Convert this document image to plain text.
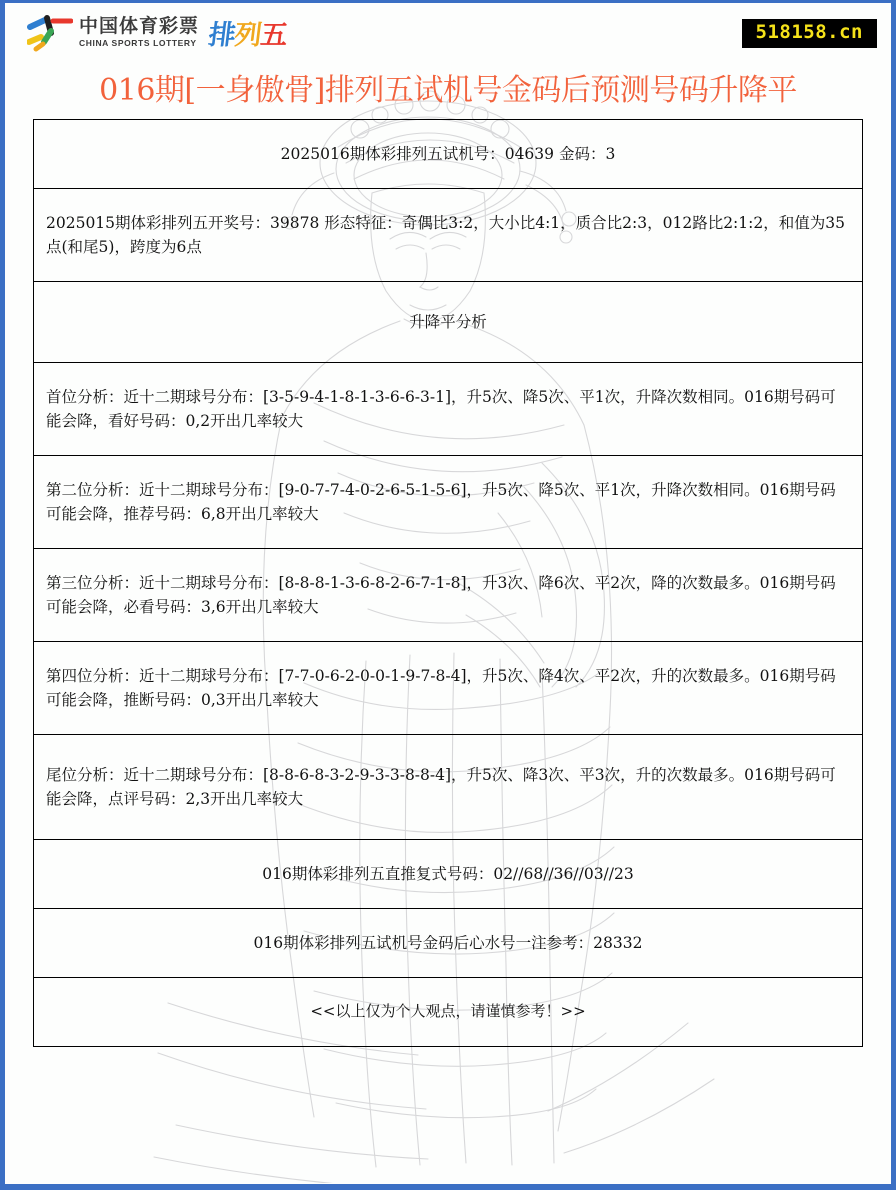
中国体育彩票
CHINA SPORTS LOTTERY 排
列
五	518158.cn
016期[一身傲骨]排列五试机号金码后预测号码升降平
2025016期体彩排列五试机号：04639 金码：3
2025015期体彩排列五开奖号：39878 形态特征：奇偶比3:2，大小比4:1，质合比2:3，012路比2:1:2，和值为35点(和尾5)，跨度为6点
升降平分析
首位分析：近十二期球号分布：[3-5-9-4-1-8-1-3-6-6-3-1]，升5次、降5次、平1次，升降次数相同。016期号码可能会降，看好号码：0,2开出几率较大
第二位分析：近十二期球号分布：[9-0-7-7-4-0-2-6-5-1-5-6]，升5次、降5次、平1次，升降次数相同。016期号码可能会降，推荐号码：6,8开出几率较大
第三位分析：近十二期球号分布：[8-8-8-1-3-6-8-2-6-7-1-8]，升3次、降6次、平2次，降的次数最多。016期号码可能会降，必看号码：3,6开出几率较大
第四位分析：近十二期球号分布：[7-7-0-6-2-0-0-1-9-7-8-4]，升5次、降4次、平2次，升的次数最多。016期号码可能会降，推断号码：0,3开出几率较大
尾位分析：近十二期球号分布：[8-8-6-8-3-2-9-3-3-8-8-4]，升5次、降3次、平3次，升的次数最多。016期号码可能会降，点评号码：2,3开出几率较大
016期体彩排列五直推复式号码：02//68//36//03//23
016期体彩排列五试机号金码后心水号一注参考：28332
<<以上仅为个人观点，请谨慎参考！>>
